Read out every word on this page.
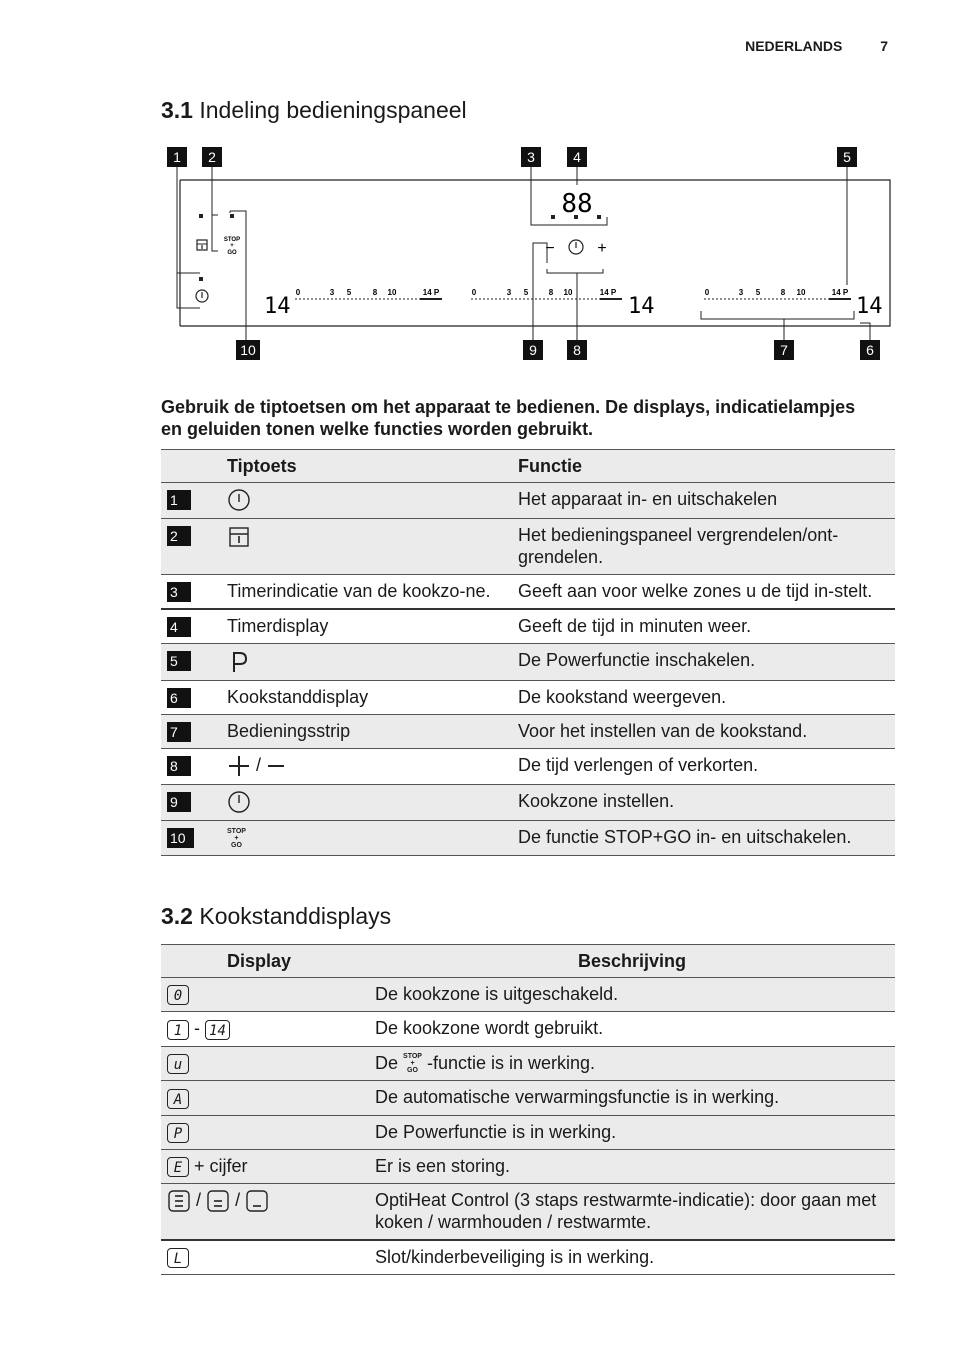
NEDERLANDS	7
3.1 Indeling bedieningspaneel
1 2	3	4	5
10	9	8	7	6
STOP
+
GO
88
−	+
14	14	14
0	3 5	8 10	14 P	0	3 5	8 10	14 P	0	3 5	8 10	14 P
Gebruik de tiptoetsen om het apparaat te bedienen. De displays, indicatielampjes en geluiden tonen welke functies worden gebruikt.
	Tiptoets	Functie
1		Het apparaat in- en uitschakelen
2		Het bedieningspaneel vergrendelen/ont-grendelen.
3	Timerindicatie van de kookzo-ne.	Geeft aan voor welke zones u de tijd in-stelt.
4	Timerdisplay	Geeft de tijd in minuten weer.
5		De Powerfunctie inschakelen.
6	Kookstanddisplay	De kookstand weergeven.
7	Bedieningsstrip	Voor het instellen van de kookstand.
8	/	De tijd verlengen of verkorten.
9		Kookzone instellen.
10	STOP
+
GO	De functie STOP+GO in- en uitschakelen.
3.2 Kookstanddisplays
Display	Beschrijving
0	De kookzone is uitgeschakeld.
1 - 14	De kookzone wordt gebruikt.
u	De STOP
+
GO -functie is in werking.
A	De automatische verwarmingsfunctie is in werking.
P	De Powerfunctie is in werking.
E + cijfer	Er is een storing.
/ /	OptiHeat Control (3 staps restwarmte-indicatie): door gaan met koken / warmhouden / restwarmte.
L	Slot/kinderbeveiliging is in werking.
